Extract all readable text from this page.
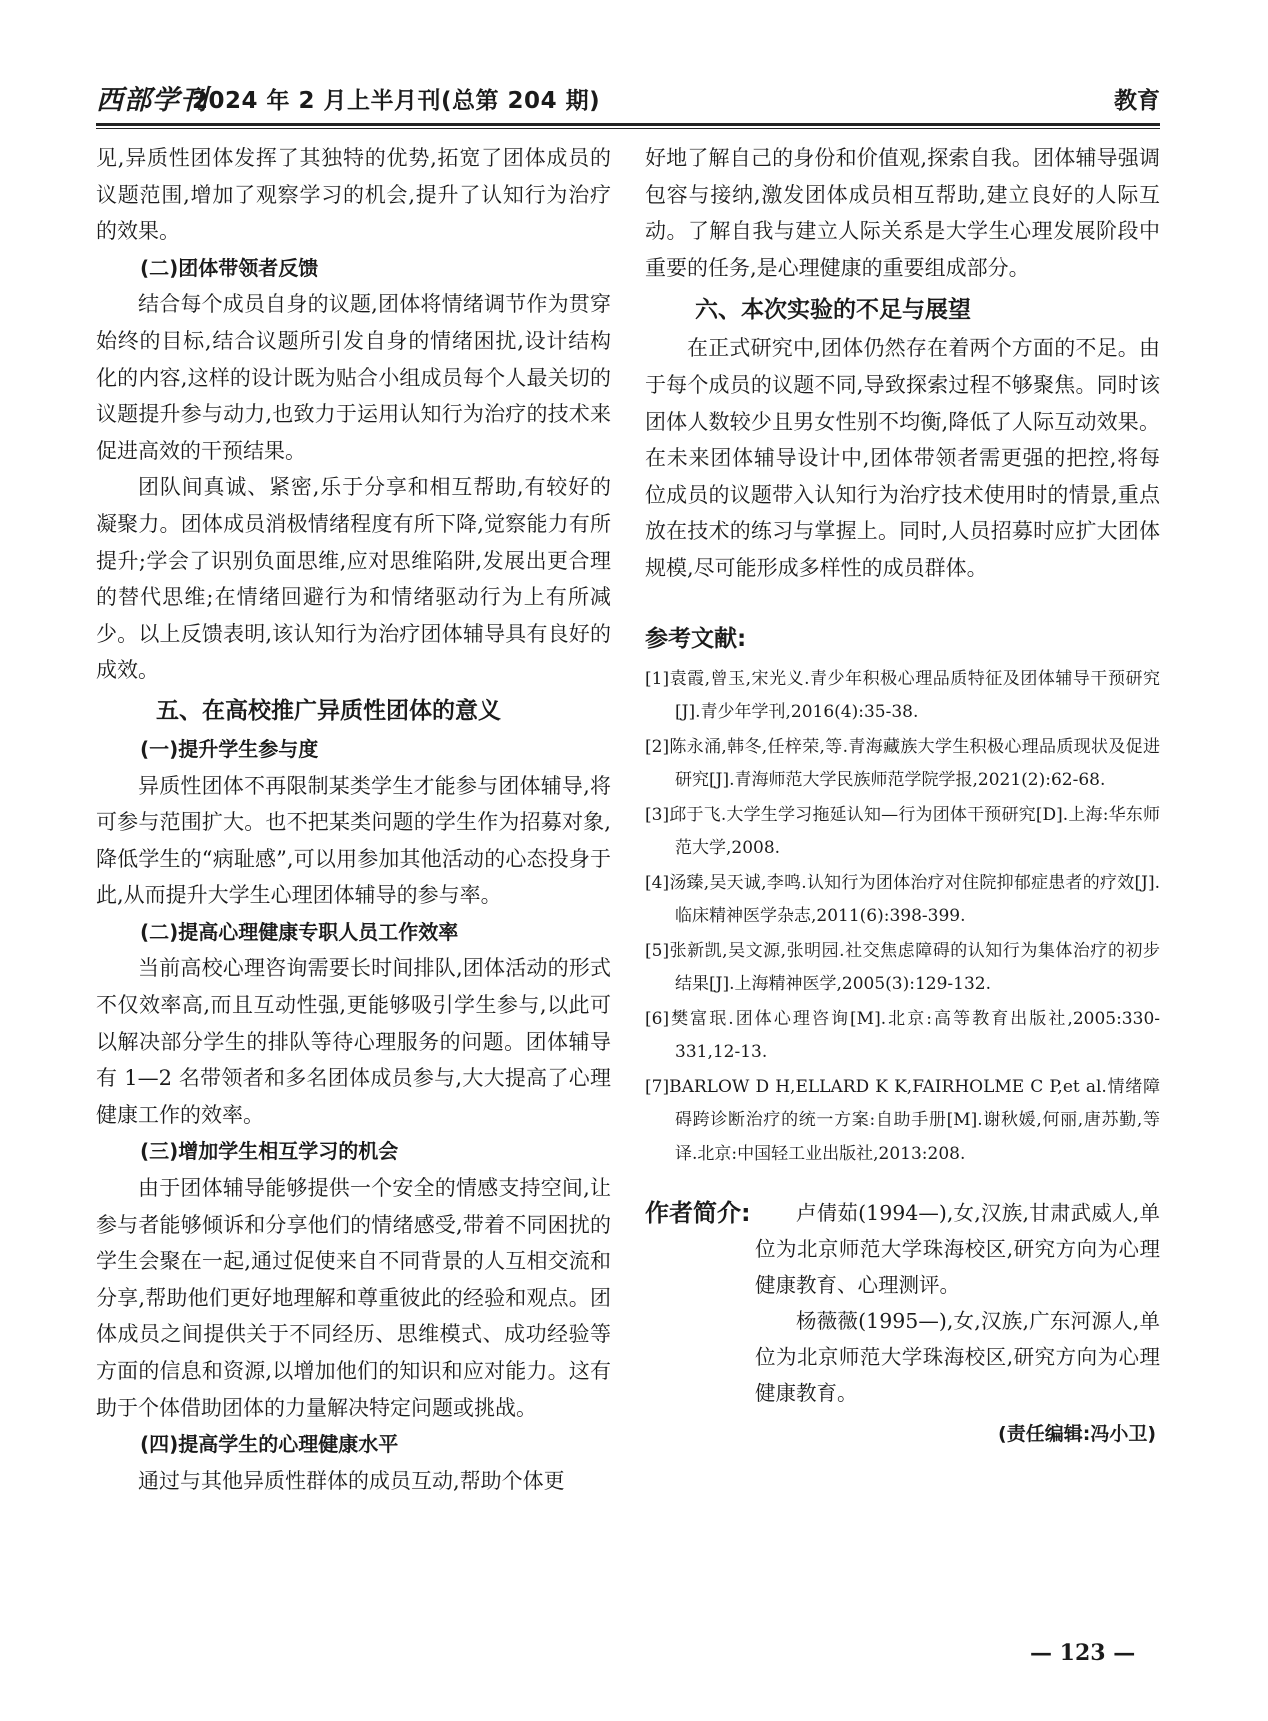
西部学刊
2024 年 2 月上半月刊(总第 204 期)	教育

见,异质性团体发挥了其独特的优势,拓宽了团体成员的议题范围,增加了观察学习的机会,提升了认知行为治疗的效果。

(二)团体带领者反馈

结合每个成员自身的议题,团体将情绪调节作为贯穿始终的目标,结合议题所引发自身的情绪困扰,设计结构化的内容,这样的设计既为贴合小组成员每个人最关切的议题提升参与动力,也致力于运用认知行为治疗的技术来促进高效的干预结果。

团队间真诚、紧密,乐于分享和相互帮助,有较好的凝聚力。团体成员消极情绪程度有所下降,觉察能力有所提升;学会了识别负面思维,应对思维陷阱,发展出更合理的替代思维;在情绪回避行为和情绪驱动行为上有所减少。以上反馈表明,该认知行为治疗团体辅导具有良好的成效。

五、在高校推广异质性团体的意义
(一)提升学生参与度

异质性团体不再限制某类学生才能参与团体辅导,将可参与范围扩大。也不把某类问题的学生作为招募对象,降低学生的“病耻感”,可以用参加其他活动的心态投身于此,从而提升大学生心理团体辅导的参与率。

(二)提高心理健康专职人员工作效率

当前高校心理咨询需要长时间排队,团体活动的形式不仅效率高,而且互动性强,更能够吸引学生参与,以此可以解决部分学生的排队等待心理服务的问题。团体辅导有 1—2 名带领者和多名团体成员参与,大大提高了心理健康工作的效率。

(三)增加学生相互学习的机会

由于团体辅导能够提供一个安全的情感支持空间,让参与者能够倾诉和分享他们的情绪感受,带着不同困扰的学生会聚在一起,通过促使来自不同背景的人互相交流和分享,帮助他们更好地理解和尊重彼此的经验和观点。团体成员之间提供关于不同经历、思维模式、成功经验等方面的信息和资源,以增加他们的知识和应对能力。这有助于个体借助团体的力量解决特定问题或挑战。

(四)提高学生的心理健康水平

通过与其他异质性群体的成员互动,帮助个体更

好地了解自己的身份和价值观,探索自我。团体辅导强调包容与接纳,激发团体成员相互帮助,建立良好的人际互动。了解自我与建立人际关系是大学生心理发展阶段中重要的任务,是心理健康的重要组成部分。

六、本次实验的不足与展望

在正式研究中,团体仍然存在着两个方面的不足。由于每个成员的议题不同,导致探索过程不够聚焦。同时该团体人数较少且男女性别不均衡,降低了人际互动效果。在未来团体辅导设计中,团体带领者需更强的把控,将每位成员的议题带入认知行为治疗技术使用时的情景,重点放在技术的练习与掌握上。同时,人员招募时应扩大团体规模,尽可能形成多样性的成员群体。

参考文献:
[1]袁霞,曾玉,宋光义.青少年积极心理品质特征及团体辅导干预研究[J].青少年学刊,2016(4):35-38.
[2]陈永涌,韩冬,任梓荣,等.青海藏族大学生积极心理品质现状及促进研究[J].青海师范大学民族师范学院学报,2021(2):62-68.
[3]邱于飞.大学生学习拖延认知—行为团体干预研究[D].上海:华东师范大学,2008.
[4]汤臻,吴天诚,李鸣.认知行为团体治疗对住院抑郁症患者的疗效[J].临床精神医学杂志,2011(6):398-399.
[5]张新凯,吴文源,张明园.社交焦虑障碍的认知行为集体治疗的初步结果[J].上海精神医学,2005(3):129-132.
[6]樊富珉.团体心理咨询[M].北京:高等教育出版社,2005:330-331,12-13.
[7]BARLOW D H,ELLARD K K,FAIRHOLME C P,et al.情绪障碍跨诊断治疗的统一方案:自助手册[M].谢秋媛,何丽,唐苏勤,等译.北京:中国轻工业出版社,2013:208.
作者简介:	卢倩茹(1994—),女,汉族,甘肃武威人,单位为北京师范大学珠海校区,研究方向为心理健康教育、心理测评。

杨薇薇(1995—),女,汉族,广东河源人,单位为北京师范大学珠海校区,研究方向为心理健康教育。

(责任编辑:冯小卫)
— 123 —
